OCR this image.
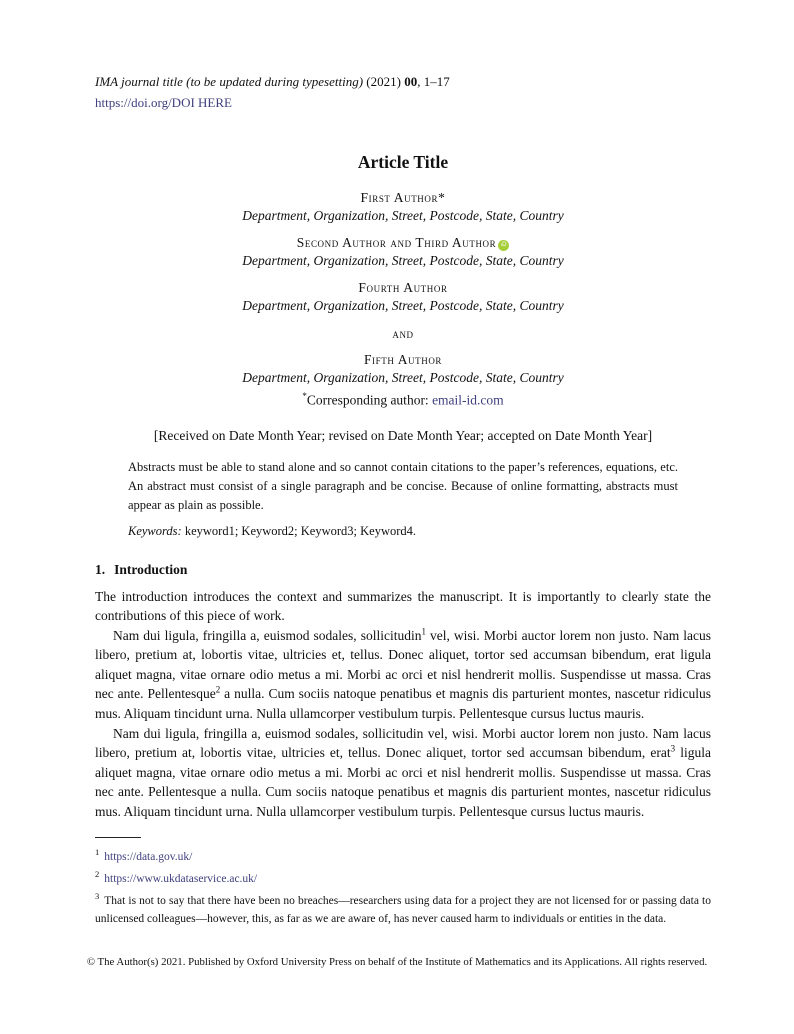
IMA journal title (to be updated during typesetting) (2021) 00, 1–17
https://doi.org/DOI HERE
Article Title
First Author*
Department, Organization, Street, Postcode, State, Country
Second Author and Third Author iD
Department, Organization, Street, Postcode, State, Country
Fourth Author
Department, Organization, Street, Postcode, State, Country
and
Fifth Author
Department, Organization, Street, Postcode, State, Country
*Corresponding author: email-id.com
[Received on Date Month Year; revised on Date Month Year; accepted on Date Month Year]
Abstracts must be able to stand alone and so cannot contain citations to the paper’s references, equations, etc. An abstract must consist of a single paragraph and be concise. Because of online formatting, abstracts must appear as plain as possible.
Keywords: keyword1; Keyword2; Keyword3; Keyword4.
1. Introduction
The introduction introduces the context and summarizes the manuscript. It is importantly to clearly state the contributions of this piece of work.
Nam dui ligula, fringilla a, euismod sodales, sollicitudin$^1$ vel, wisi. Morbi auctor lorem non justo. Nam lacus libero, pretium at, lobortis vitae, ultricies et, tellus. Donec aliquet, tortor sed accumsan bibendum, erat ligula aliquet magna, vitae ornare odio metus a mi. Morbi ac orci et nisl hendrerit mollis. Suspendisse ut massa. Cras nec ante. Pellentesque$^2$ a nulla. Cum sociis natoque penatibus et magnis dis parturient montes, nascetur ridiculus mus. Aliquam tincidunt urna. Nulla ullamcorper vestibulum turpis. Pellentesque cursus luctus mauris.
Nam dui ligula, fringilla a, euismod sodales, sollicitudin vel, wisi. Morbi auctor lorem non justo. Nam lacus libero, pretium at, lobortis vitae, ultricies et, tellus. Donec aliquet, tortor sed accumsan bibendum, erat$^3$ ligula aliquet magna, vitae ornare odio metus a mi. Morbi ac orci et nisl hendrerit mollis. Suspendisse ut massa. Cras nec ante. Pellentesque a nulla. Cum sociis natoque penatibus et magnis dis parturient montes, nascetur ridiculus mus. Aliquam tincidunt urna. Nulla ullamcorper vestibulum turpis. Pellentesque cursus luctus mauris.
$^1$ https://data.gov.uk/
$^2$ https://www.ukdataservice.ac.uk/
$^3$ That is not to say that there have been no breaches—researchers using data for a project they are not licensed for or passing data to unlicensed colleagues—however, this, as far as we are aware of, has never caused harm to individuals or entities in the data.
© The Author(s) 2021. Published by Oxford University Press on behalf of the Institute of Mathematics and its Applications. All rights reserved.
